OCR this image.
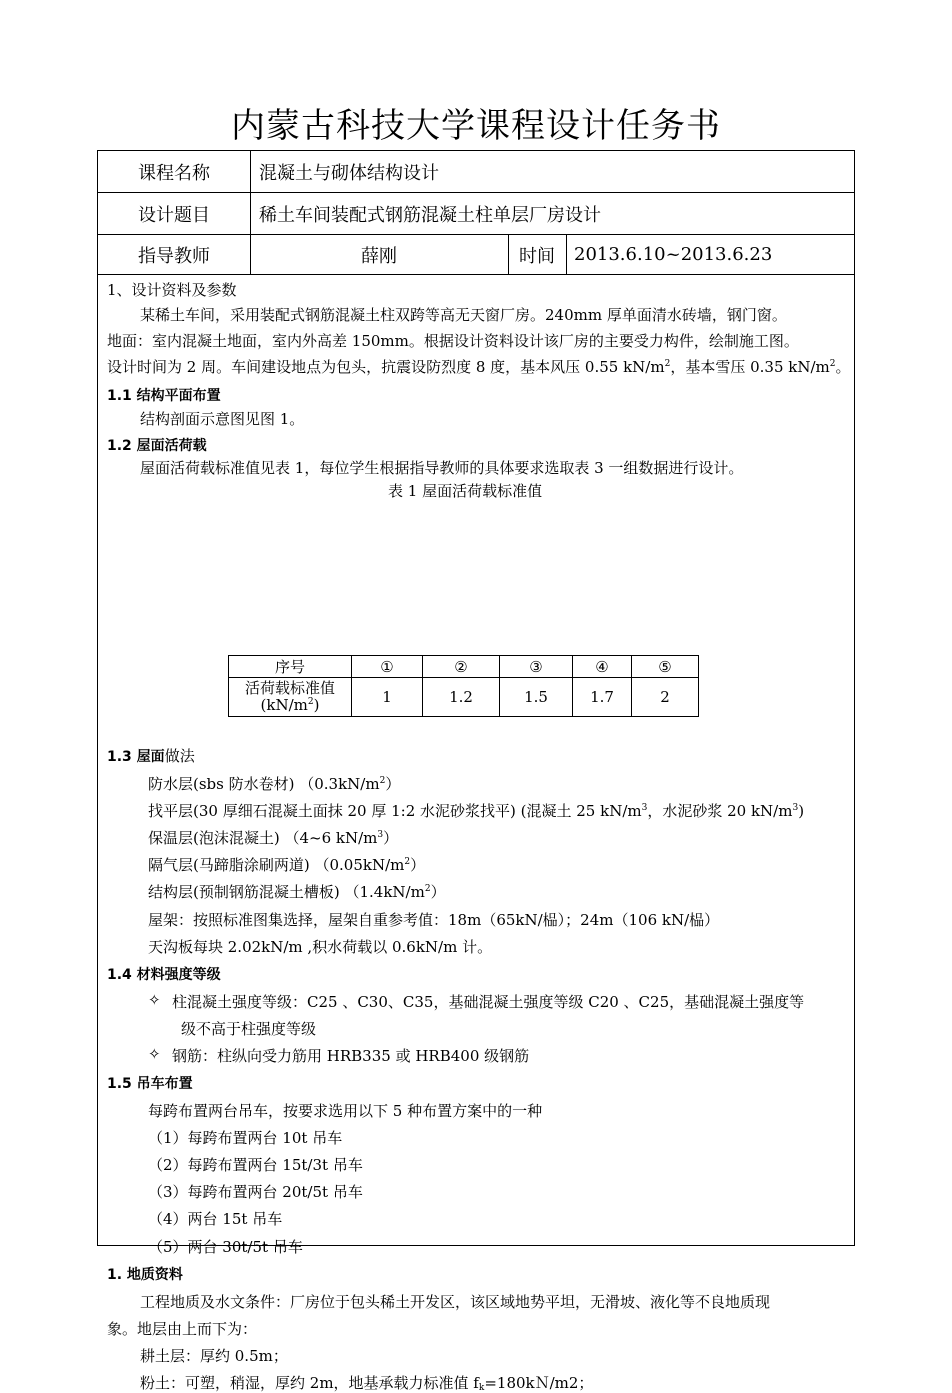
内蒙古科技大学课程设计任务书
课程名称	混凝土与砌体结构设计
设计题目	稀土车间装配式钢筋混凝土柱单层厂房设计
指导教师	薛刚	时间	2013.6.10~2013.6.23
1、设计资料及参数
某稀土车间，采用装配式钢筋混凝土柱双跨等高无天窗厂房。240mm 厚单面清水砖墙，钢门窗。
地面：室内混凝土地面，室内外高差 150mm。根据设计资料设计该厂房的主要受力构件，绘制施工图。
设计时间为 2 周。车间建设地点为包头，抗震设防烈度 8 度，基本风压 0.55 $kN/m^2$，基本雪压 0.35 $kN/m^2$。
1.1 结构平面布置
结构剖面示意图见图 1。
1.2 屋面活荷载
屋面活荷载标准值见表 1，每位学生根据指导教师的具体要求选取表 3 一组数据进行设计。
表 1 屋面活荷载标准值
序号	①	②	③	④	⑤
活荷载标准值
$(kN/m^2)$	1	1.2	1.5	1.7	2
1.3 屋面做法
防水层(sbs 防水卷材) $(0.3kN/m^2)$
找平层(30 厚细石混凝土面抹 20 厚 1:2 水泥砂浆找平) (混凝土 25 $kN/m^3$，水泥砂浆 20 $kN/m^3$)
保温层(泡沫混凝土) （4~6 $kN/m^3$）
隔气层(马蹄脂涂刷两道) $(0.05kN/m^2)$
结构层(预制钢筋混凝土槽板) $(1.4kN/m^2)$
屋架：按照标准图集选择，屋架自重参考值：18m（65kN/榀）；24m（106 kN/榀）
天沟板每块 2.02kN/m ,积水荷载以 0.6kN/m 计。
1.4 材料强度等级
✧ 柱混凝土强度等级：C25 、C30、C35，基础混凝土强度等级 C20 、C25，基础混凝土强度等
级不高于柱强度等级
✧ 钢筋：柱纵向受力筋用 HRB335 或 HRB400 级钢筋
1.5 吊车布置
每跨布置两台吊车，按要求选用以下 5 种布置方案中的一种
（1）每跨布置两台 10t 吊车
（2）每跨布置两台 15t/3t 吊车
（3）每跨布置两台 20t/5t 吊车
（4）两台 15t 吊车
（5）两台 30t/5t 吊车
1. 地质资料
工程地质及水文条件：厂房位于包头稀土开发区，该区域地势平坦，无滑坡、液化等不良地质现
象。地层由上而下为：
耕土层：厚约 0.5m；
粉土：可塑，稍湿，厚约 2m，地基承载力标准值 $f_k=180kN/m2$；
